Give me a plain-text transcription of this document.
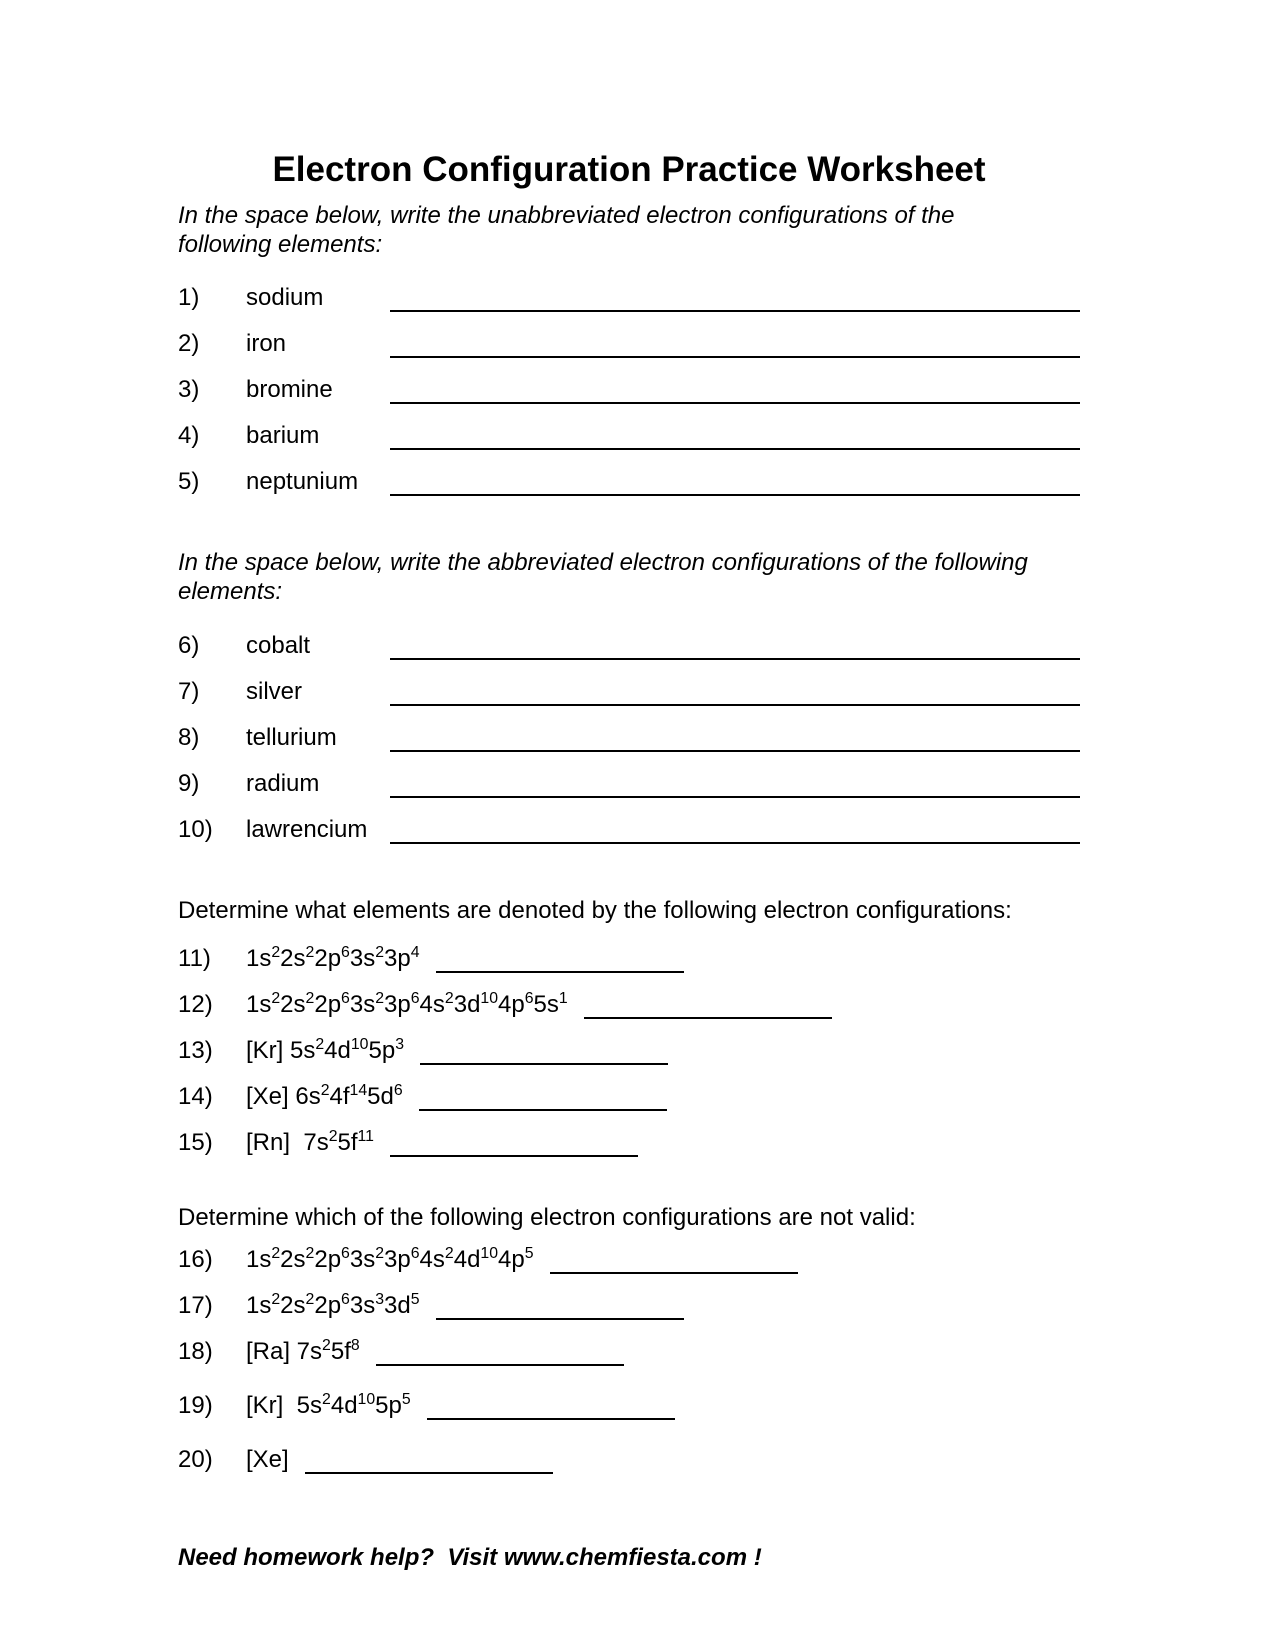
Electron Configuration Practice Worksheet
In the space below, write the unabbreviated electron configurations of the
following elements:
1)	sodium
2)	iron
3)	bromine
4)	barium
5)	neptunium
In the space below, write the abbreviated electron configurations of the following
elements:
6)	cobalt
7)	silver
8)	tellurium
9)	radium
10)	lawrencium
Determine what elements are denoted by the following electron configurations:
11)	$1s^22s^22p^63s^23p^4$
12)	$1s^22s^22p^63s^23p^64s^23d^{10}4p^65s^1$
13)	[Kr] $5s^24d^{10}5p^3$
14)	[Xe] $6s^24f^{14}5d^6$
15)	[Rn]  $7s^25f^{11}$
Determine which of the following electron configurations are not valid:
16)	$1s^22s^22p^63s^23p^64s^24d^{10}4p^5$
17)	$1s^22s^22p^63s^33d^5$
18)	[Ra] $7s^25f^8$
19)	[Kr]  $5s^24d^{10}5p^5$
20)	[Xe]
Need homework help?  Visit www.chemfiesta.com !
